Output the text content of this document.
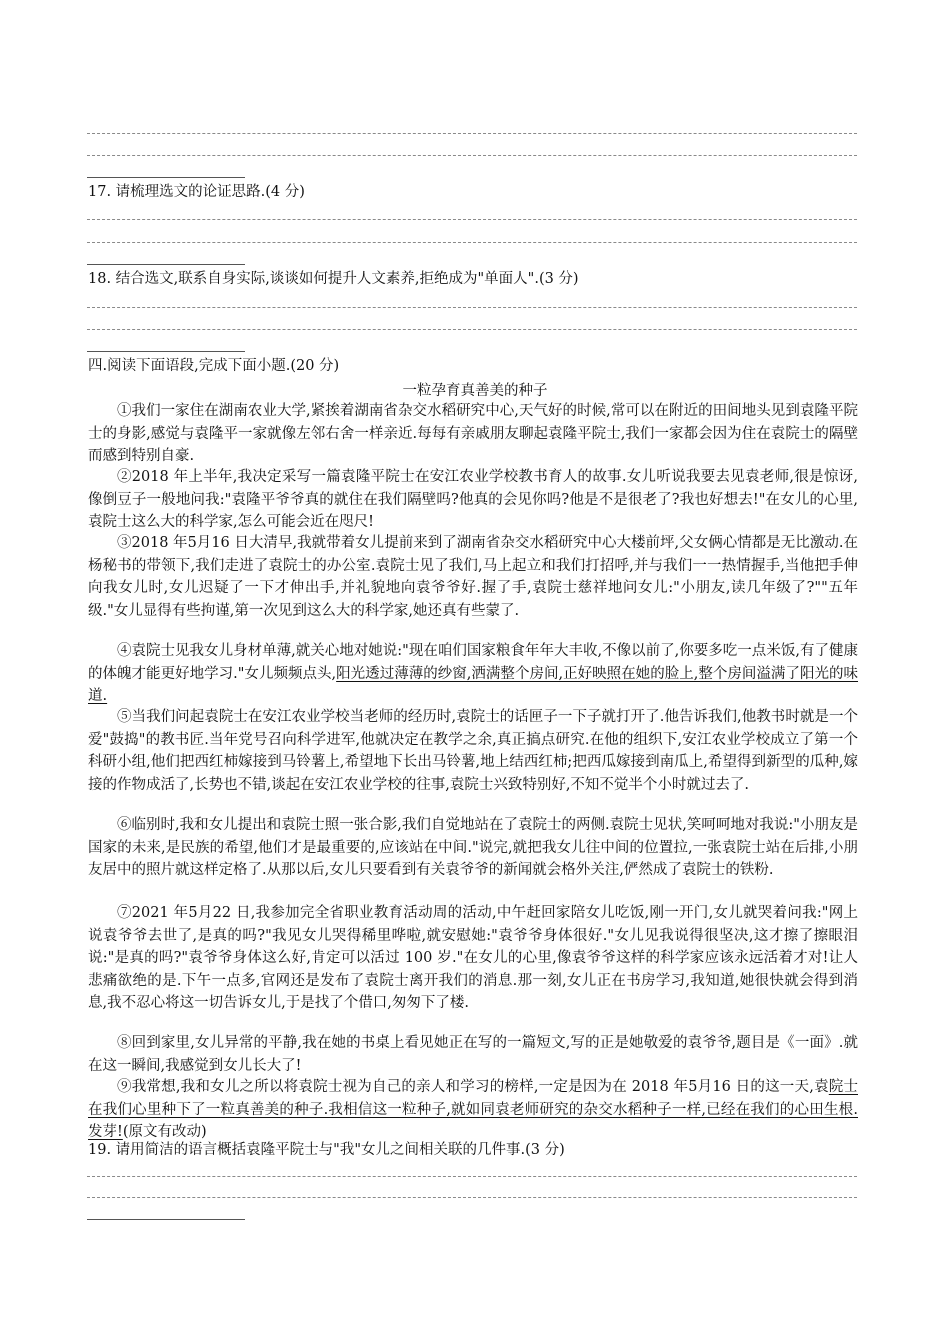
17. 请梳理选文的论证思路.(4 分)
18. 结合选文,联系自身实际,谈谈如何提升人文素养,拒绝成为"单面人".(3 分)
四.阅读下面语段,完成下面小题.(20 分)
一粒孕育真善美的种子
①我们一家住在湖南农业大学,紧挨着湖南省杂交水稻研究中心,天气好的时候,常可以在附近的田间地头见到袁隆平院士的身影,感觉与袁隆平一家就像左邻右舍一样亲近.每每有亲戚朋友聊起袁隆平院士,我们一家都会因为住在袁院士的隔壁而感到特别自豪.
②2018 年上半年,我决定采写一篇袁隆平院士在安江农业学校教书育人的故事.女儿听说我要去见袁老师,很是惊讶,像倒豆子一般地问我:"袁隆平爷爷真的就住在我们隔壁吗?他真的会见你吗?他是不是很老了?我也好想去!"在女儿的心里,袁院士这么大的科学家,怎么可能会近在咫尺!
③2018 年5月16 日大清早,我就带着女儿提前来到了湖南省杂交水稻研究中心大楼前坪,父女俩心情都是无比激动.在杨秘书的带领下,我们走进了袁院士的办公室.袁院士见了我们,马上起立和我们打招呼,并与我们一一热情握手,当他把手伸向我女儿时,女儿迟疑了一下才伸出手,并礼貌地向袁爷爷好.握了手,袁院士慈祥地问女儿:"小朋友,读几年级了?""五年级."女儿显得有些拘谨,第一次见到这么大的科学家,她还真有些蒙了.
④袁院士见我女儿身材单薄,就关心地对她说:"现在咱们国家粮食年年大丰收,不像以前了,你要多吃一点米饭,有了健康的体魄才能更好地学习."女儿频频点头,阳光透过薄薄的纱窗,洒满整个房间,正好映照在她的脸上,整个房间溢满了阳光的味道.
⑤当我们问起袁院士在安江农业学校当老师的经历时,袁院士的话匣子一下子就打开了.他告诉我们,他教书时就是一个爱"鼓捣"的教书匠.当年党号召向科学进军,他就决定在教学之余,真正搞点研究.在他的组织下,安江农业学校成立了第一个科研小组,他们把西红柿嫁接到马铃薯上,希望地下长出马铃薯,地上结西红柿;把西瓜嫁接到南瓜上,希望得到新型的瓜种,嫁接的作物成活了,长势也不错,谈起在安江农业学校的往事,袁院士兴致特别好,不知不觉半个小时就过去了.
⑥临别时,我和女儿提出和袁院士照一张合影,我们自觉地站在了袁院士的两侧.袁院士见状,笑呵呵地对我说:"小朋友是国家的未来,是民族的希望,他们才是最重要的,应该站在中间."说完,就把我女儿往中间的位置拉,一张袁院士站在后排,小朋友居中的照片就这样定格了.从那以后,女儿只要看到有关袁爷爷的新闻就会格外关注,俨然成了袁院士的铁粉.
⑦2021 年5月22 日,我参加完全省职业教育活动周的活动,中午赶回家陪女儿吃饭,刚一开门,女儿就哭着问我:"网上说袁爷爷去世了,是真的吗?"我见女儿哭得稀里哗啦,就安慰她:"袁爷爷身体很好."女儿见我说得很坚决,这才擦了擦眼泪说:"是真的吗?"袁爷爷身体这么好,肯定可以活过 100 岁."在女儿的心里,像袁爷爷这样的科学家应该永远活着才对!让人悲痛欲绝的是.下午一点多,官网还是发布了袁院士离开我们的消息.那一刻,女儿正在书房学习,我知道,她很快就会得到消息,我不忍心将这一切告诉女儿,于是找了个借口,匆匆下了楼.
⑧回到家里,女儿异常的平静,我在她的书桌上看见她正在写的一篇短文,写的正是她敬爱的袁爷爷,题目是《一面》.就在这一瞬间,我感觉到女儿长大了!
⑨我常想,我和女儿之所以将袁院士视为自己的亲人和学习的榜样,一定是因为在 2018 年5月16 日的这一天,袁院士在我们心里种下了一粒真善美的种子.我相信这一粒种子,就如同袁老师研究的杂交水稻种子一样,已经在我们的心田生根.发芽!(原文有改动)
19. 请用简洁的语言概括袁隆平院士与"我"女儿之间相关联的几件事.(3 分)
